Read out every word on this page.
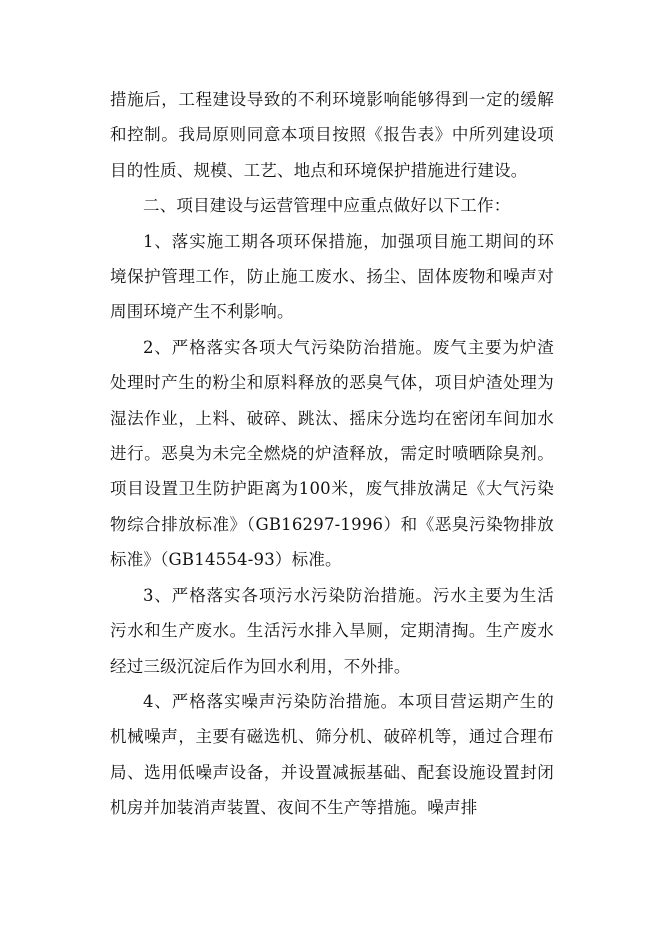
措施后，工程建设导致的不利环境影响能够得到一定的缓解和控制。我局原则同意本项目按照《报告表》中所列建设项目的性质、规模、工艺、地点和环境保护措施进行建设。

二、项目建设与运营管理中应重点做好以下工作：

1、落实施工期各项环保措施，加强项目施工期间的环境保护管理工作，防止施工废水、扬尘、固体废物和噪声对周围环境产生不利影响。

2、严格落实各项大气污染防治措施。废气主要为炉渣处理时产生的粉尘和原料释放的恶臭气体，项目炉渣处理为湿法作业，上料、破碎、跳汰、摇床分选均在密闭车间加水进行。恶臭为未完全燃烧的炉渣释放，需定时喷晒除臭剂。项目设置卫生防护距离为100米，废气排放满足《大气污染物综合排放标准》（GB16297-1996）和《恶臭污染物排放标准》（GB14554-93）标准。

3、严格落实各项污水污染防治措施。污水主要为生活污水和生产废水。生活污水排入旱厕，定期清掏。生产废水经过三级沉淀后作为回水利用，不外排。

4、严格落实噪声污染防治措施。本项目营运期产生的机械噪声，主要有磁选机、筛分机、破碎机等，通过合理布局、选用低噪声设备，并设置减振基础、配套设施设置封闭机房并加装消声装置、夜间不生产等措施。噪声排
